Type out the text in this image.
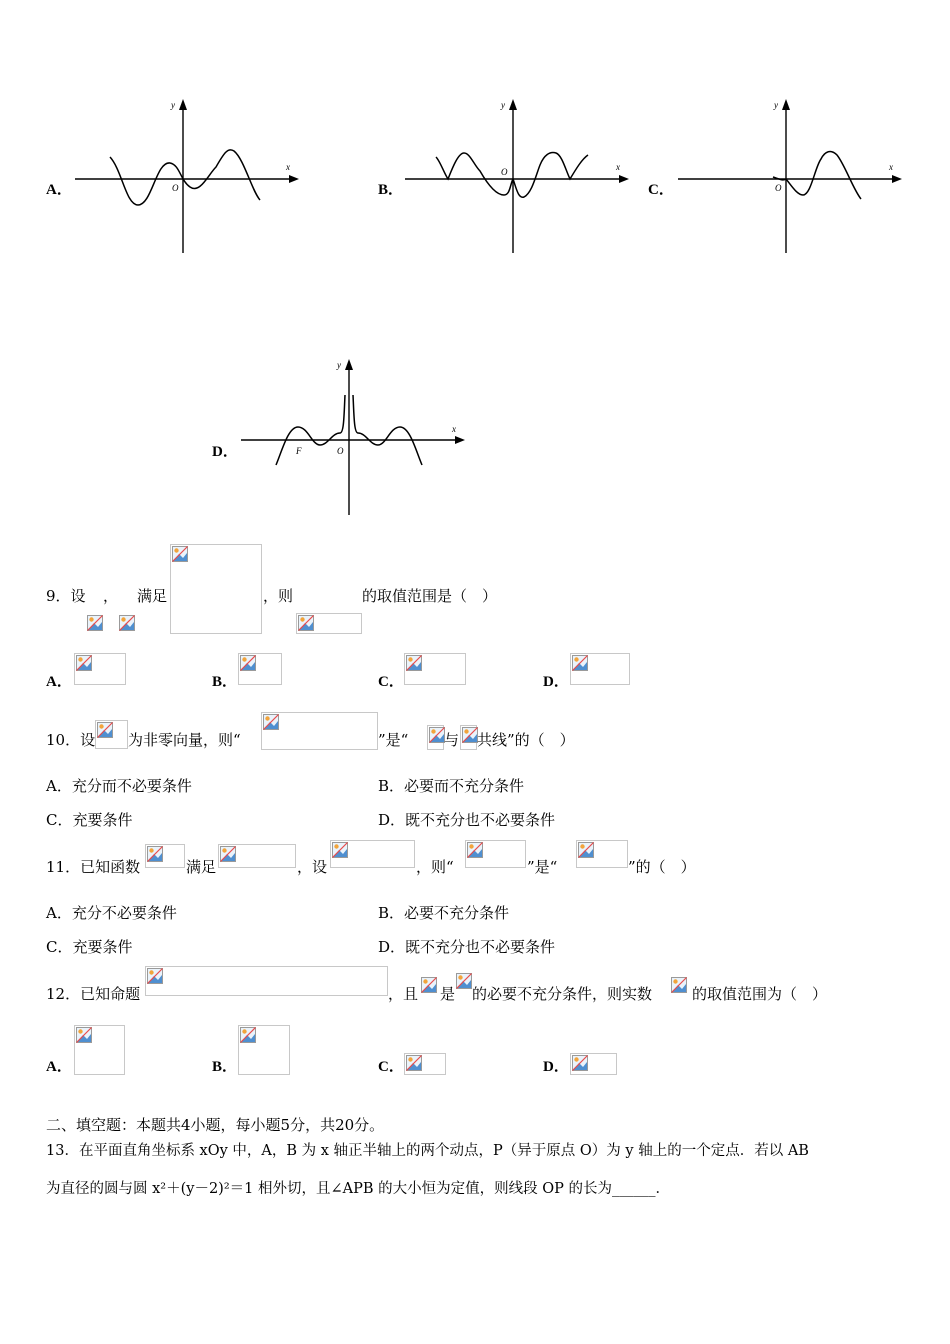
A．
x
y
O	B．
x
y
O
C．
x
y
O
D．
x
y
F	O
9．设 ， 满足	，则	的取值范围是（　）
A．	B．	C．	D．
10．设 为非零向量，则“	”是“ 与 共线”的（　）
A．充分而不必要条件	B．必要而不充分条件
C．充要条件	D．既不充分也不必要条件
11．已知函数	满足	，设	，则“	”是“	”的（　）
A．充分不必要条件	B．必要不充分条件
C．充要条件	D．既不充分也不必要条件
12．已知命题	，且 是 的必要不充分条件，则实数	的取值范围为（　）
A．	B．	C．	D．
二、填空题：本题共4小题，每小题5分，共20分。
13．在平面直角坐标系 xOy 中，A，B 为 x 轴正半轴上的两个动点，P（异于原点 O）为 y 轴上的一个定点．若以 AB
为直径的圆与圆 x²＋(y－2)²＝1 相外切，且∠APB 的大小恒为定值，则线段 OP 的长为______．
